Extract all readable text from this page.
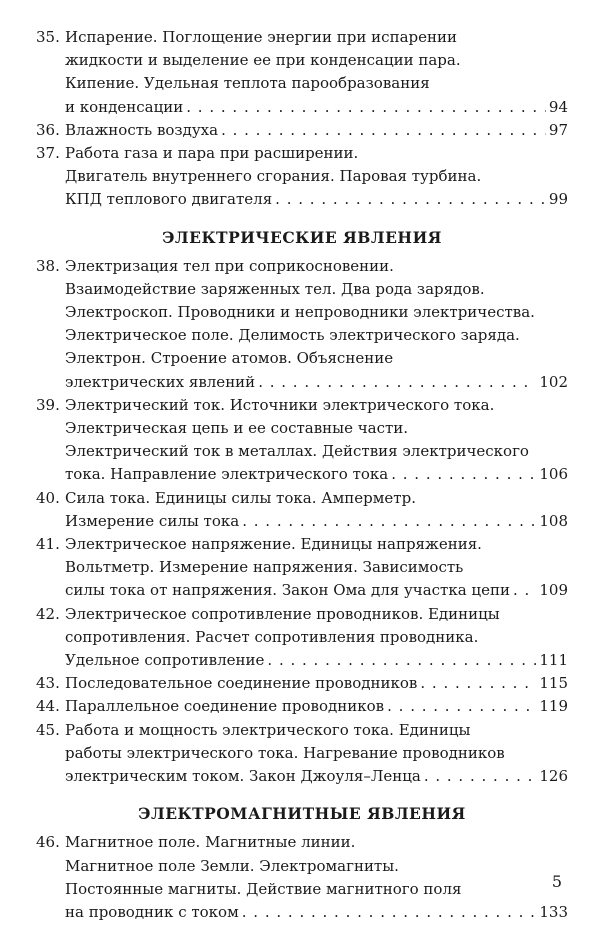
35. Испарение. Поглощение энергии при испарении
жидкости и выделение ее при конденсации пара.
Кипение. Удельная теплота парообразования
и конденсации . . .	94
36. Влажность воздуха . . .	97
37. Работа газа и пара при расширении.
Двигатель внутреннего сгорания. Паровая турбина.
КПД теплового двигателя . . .	99
ЭЛЕКТРИЧЕСКИЕ ЯВЛЕНИЯ
38. Электризация тел при соприкосновении.
Взаимодействие заряженных тел. Два рода зарядов.
Электроскоп. Проводники и непроводники электричества.
Электрическое поле. Делимость электрического заряда.
Электрон. Строение атомов. Объяснение
электрических явлений . . .	102
39. Электрический ток. Источники электрического тока.
Электрическая цепь и ее составные части.
Электрический ток в металлах. Действия электрического
тока. Направление электрического тока . . .	106
40. Сила тока. Единицы силы тока. Амперметр.
Измерение силы тока . . .	108
41. Электрическое напряжение. Единицы напряжения.
Вольтметр. Измерение напряжения. Зависимость
силы тока от напряжения. Закон Ома для участка цепи . . . 109
42. Электрическое сопротивление проводников. Единицы
сопротивления. Расчет сопротивления проводника.
Удельное сопротивление . . .	111
43. Последовательное соединение проводников . . .	115
44. Параллельное соединение проводников . . .	119
45. Работа и мощность электрического тока. Единицы
работы электрического тока. Нагревание проводников
электрическим током. Закон Джоуля–Ленца . . .	126
ЭЛЕКТРОМАГНИТНЫЕ ЯВЛЕНИЯ
46. Магнитное поле. Магнитные линии.
Магнитное поле Земли. Электромагниты.
Постоянные магниты. Действие магнитного поля
на проводник с током . . .	133
5
